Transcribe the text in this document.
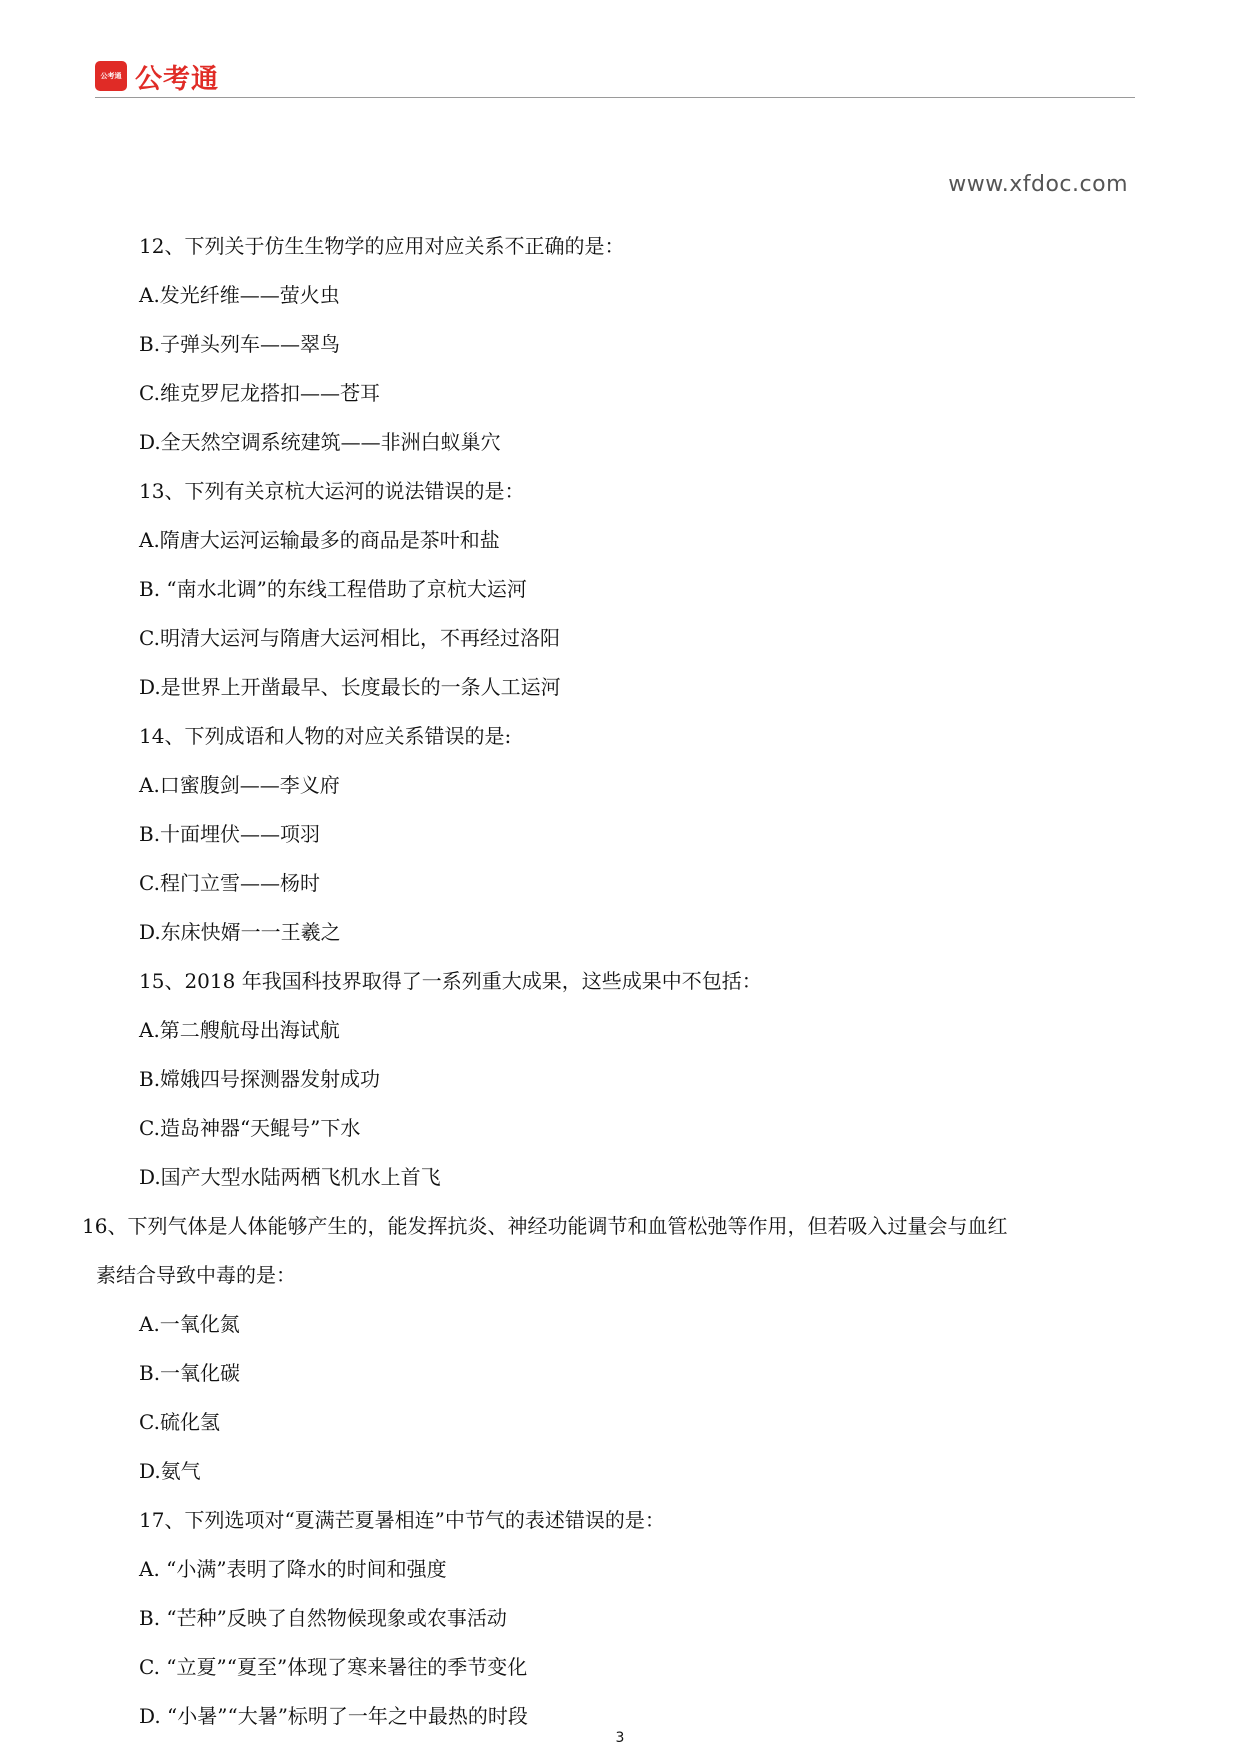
公考通 公考通
www.xfdoc.com
12、下列关于仿生生物学的应用对应关系不正确的是：
A.发光纤维——萤火虫
B.子弹头列车——翠鸟
C.维克罗尼龙搭扣——苍耳
D.全天然空调系统建筑——非洲白蚁巢穴
13、下列有关京杭大运河的说法错误的是：
A.隋唐大运河运输最多的商品是茶叶和盐
B. “南水北调”的东线工程借助了京杭大运河
C.明清大运河与隋唐大运河相比，不再经过洛阳
D.是世界上开凿最早、长度最长的一条人工运河
14、下列成语和人物的对应关系错误的是:
A.口蜜腹剑——李义府
B.十面埋伏——项羽
C.程门立雪——杨时
D.东床快婿一一王羲之
15、2018 年我国科技界取得了一系列重大成果，这些成果中不包括：
A.第二艘航母出海试航
B.嫦娥四号探测器发射成功
C.造岛神器“天鲲号”下水
D.国产大型水陆两栖飞机水上首飞
16、下列气体是人体能够产生的，能发挥抗炎、神经功能调节和血管松弛等作用，但若吸入过量会与血红
素结合导致中毒的是：
A.一氧化氮
B.一氧化碳
C.硫化氢
D.氨气
17、下列选项对“夏满芒夏暑相连”中节气的表述错误的是：
A. “小满”表明了降水的时间和强度
B. “芒种”反映了自然物候现象或农事活动
C. “立夏”“夏至”体现了寒来暑往的季节变化
D. “小暑”“大暑”标明了一年之中最热的时段
3
